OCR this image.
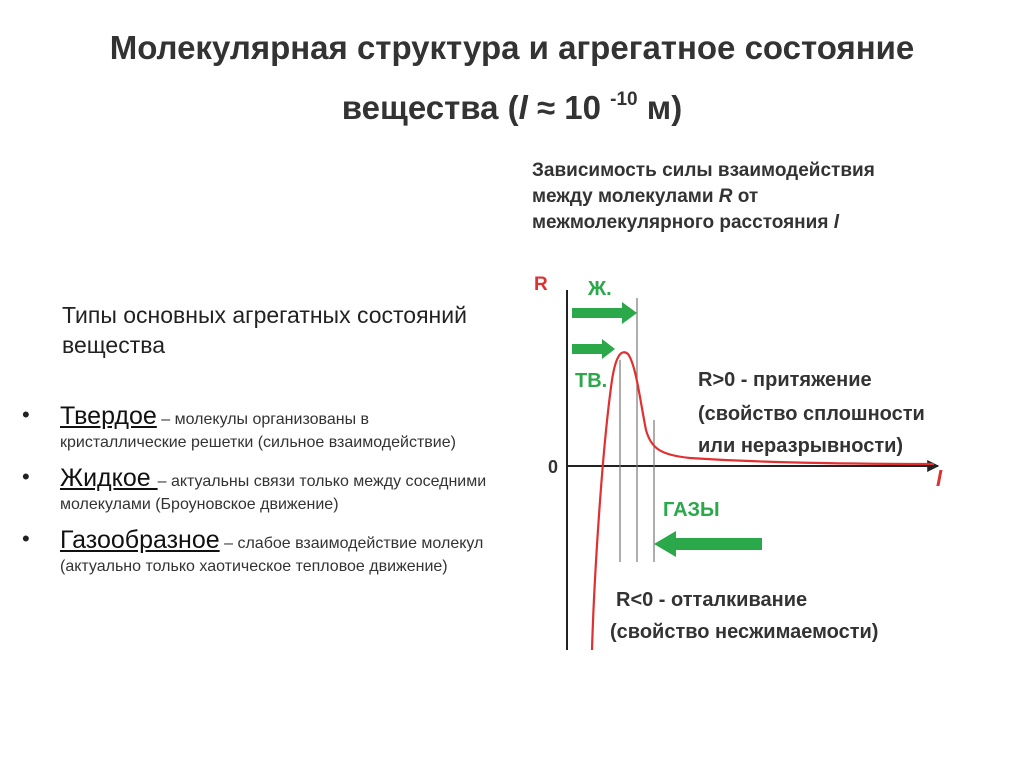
Молекулярная структура и агрегатное состояние
вещества (l ≈ 10 $^{-10}$ м)
Зависимость силы взаимодействия
между молекулами R от
межмолекулярного расстояния l
Типы основных агрегатных состояний вещества
• Твердое – молекулы организованы в кристаллические решетки (сильное взаимодействие)
• Жидкое – актуальны связи только между соседними молекулами (Броуновское движение)
• Газообразное – слабое взаимодействие молекул (актуально только хаотическое тепловое движение)
R
l
0
Ж.
ТВ.
ГАЗЫ
R>0 - притяжение
(свойство сплошности
или неразрывности)
R<0 - отталкивание
(свойство несжимаемости)
